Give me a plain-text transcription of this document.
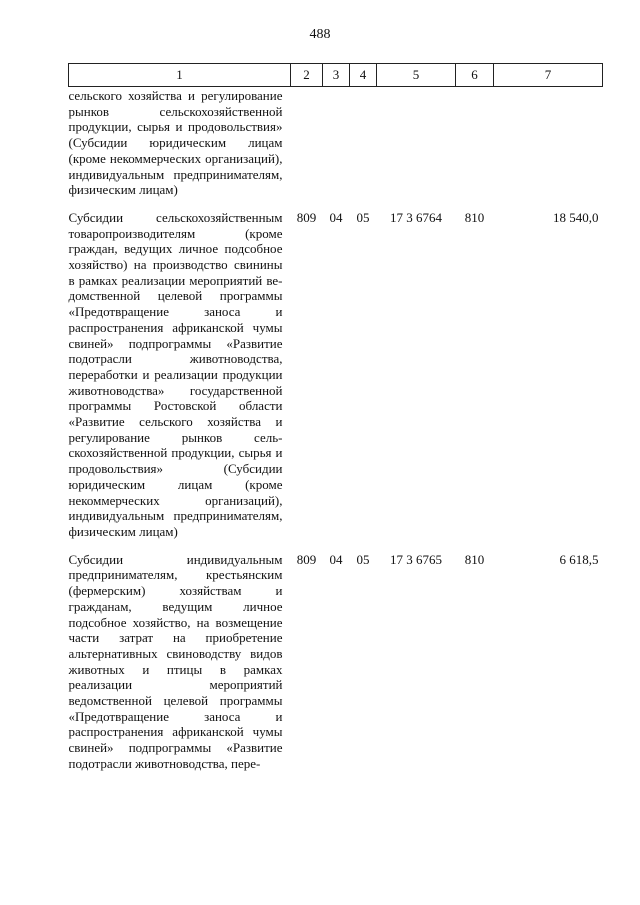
488
1	2	3	4	5	6	7
сельского хозяйства и регулирование рынков сельскохозяйственной продукции, сырья и продовольствия» (Субсидии юридическим лицам (кроме некоммерческих организаций), индивидуальным предпринимателям, физическим лицам)						
Субсидии сельскохозяйственным товаропроизводителям (кроме граждан, ведущих личное подсобное хозяйство) на производство свинины в рамках реализации мероприятий ведомственной целевой программы «Предотвращение заноса и распространения африканской чумы свиней» подпрограммы «Развитие подотрасли животноводства, переработки и реализации продукции животноводства» государственной программы Ростовской области «Развитие сельского хозяйства и регулирование рынков сельскохозяйственной продукции, сырья и продовольствия» (Субсидии юридическим лицам (кроме некоммерческих организаций), индивидуальным предпринимателям, физическим лицам)	809	04	05	17 3 6764	810	18 540,0
Субсидии индивидуальным предпринимателям, крестьянским (фермерским) хозяйствам и гражданам, ведущим личное подсобное хозяйство, на возмещение части затрат на приобретение альтернативных свиноводству видов животных и птицы в рамках реализации мероприятий ведомственной целевой программы «Предотвращение заноса и распространения африканской чумы свиней» подпрограммы «Развитие подотрасли животноводства, пере-	809	04	05	17 3 6765	810	6 618,5
